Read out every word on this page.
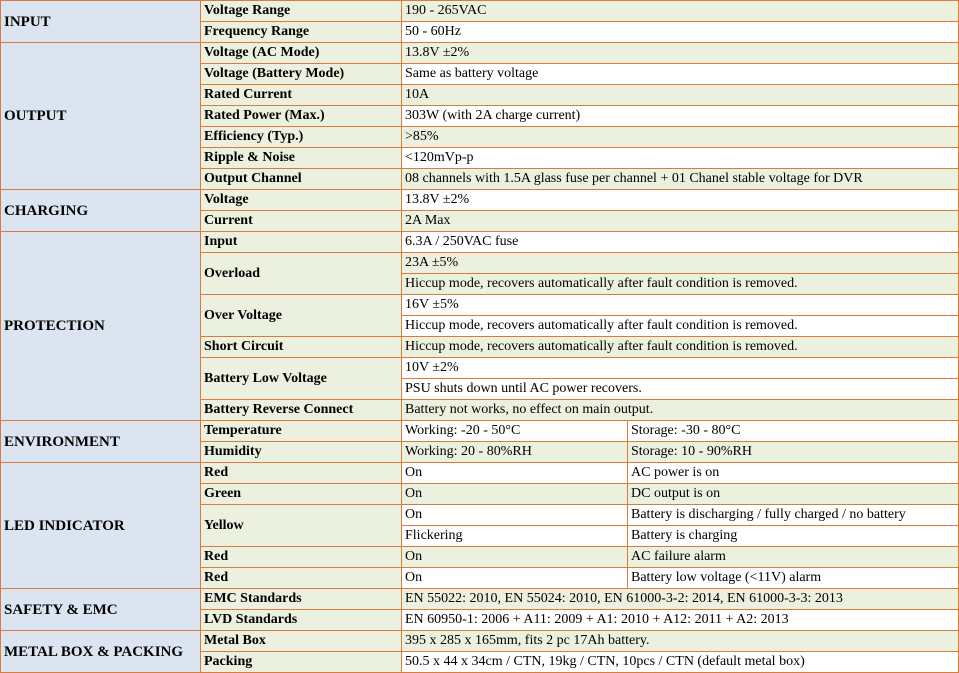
INPUT	Voltage Range	190 - 265VAC	
	Frequency Range	50 - 60Hz	
OUTPUT	Voltage (AC Mode)	13.8V ±2%	
	Voltage (Battery Mode)	Same as battery voltage	
	Rated Current	10A	
	Rated Power (Max.)	303W (with 2A charge current)	
	Efficiency (Typ.)	>85%	
	Ripple & Noise	<120mVp-p	
	Output Channel	08 channels with 1.5A glass fuse per channel + 01 Chanel stable voltage for DVR	
CHARGING	Voltage	13.8V ±2%	
	Current	2A Max	
PROTECTION	Input	6.3A / 250VAC fuse	
	Overload	23A ±5%	
		Hiccup mode, recovers automatically after fault condition is removed.	
	Over Voltage	16V ±5%	
		Hiccup mode, recovers automatically after fault condition is removed.	
	Short Circuit	Hiccup mode, recovers automatically after fault condition is removed.	
	Battery Low Voltage	10V ±2%	
		PSU shuts down until AC power recovers.	
	Battery Reverse Connect	Battery not works, no effect on main output.	
ENVIRONMENT	Temperature	Working: -20 - 50°C	Storage: -30 - 80°C
	Humidity	Working: 20 - 80%RH	Storage: 10 - 90%RH
LED INDICATOR	Red	On	AC power is on
	Green	On	DC output is on
	Yellow	On	Battery is discharging / fully charged / no battery
		Flickering	Battery is charging
	Red	On	AC failure alarm
	Red	On	Battery low voltage (<11V) alarm
SAFETY & EMC	EMC Standards	EN 55022: 2010, EN 55024: 2010, EN 61000-3-2: 2014, EN 61000-3-3: 2013	
	LVD Standards	EN 60950-1: 2006 + A11: 2009 + A1: 2010 + A12: 2011 + A2: 2013	
METAL BOX & PACKING	Metal Box	395 x 285 x 165mm, fits 2 pc 17Ah battery.	
	Packing	50.5 x 44 x 34cm / CTN, 19kg / CTN, 10pcs / CTN (default metal box)	
